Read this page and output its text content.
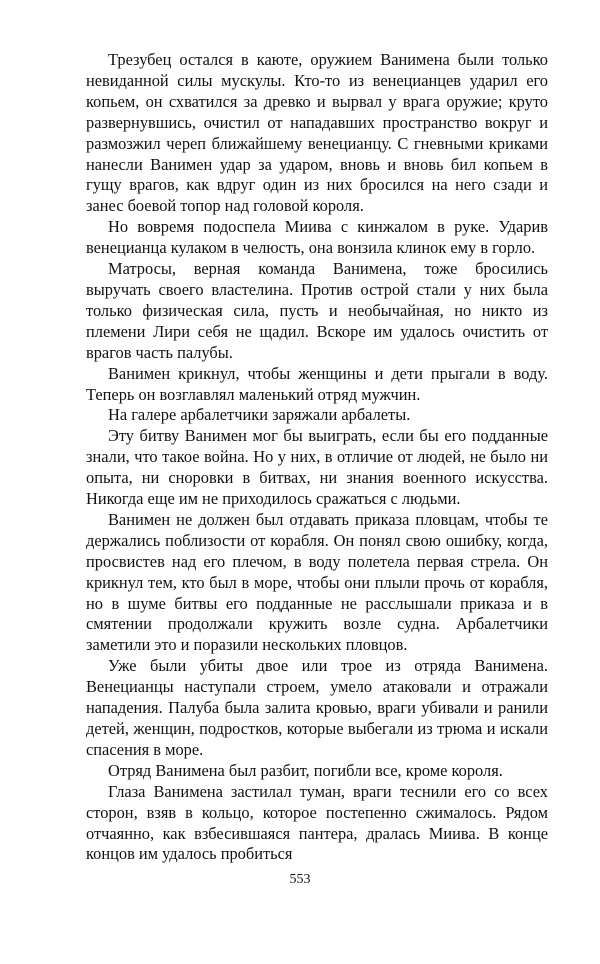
Трезубец остался в каюте, оружием Ванимена были только невиданной силы мускулы. Кто-то из венецианцев ударил его копьем, он схватился за древко и вырвал у врага оружие; круто развернувшись, очистил от нападавших пространство вокруг и размозжил череп ближайшему венецианцу. С гневными криками нанесли Ванимен удар за ударом, вновь и вновь бил копьем в гущу врагов, как вдруг один из них бросился на него сзади и занес боевой топор над головой короля.

Но вовремя подоспела Миива с кинжалом в руке. Ударив венецианца кулаком в челюсть, она вонзила клинок ему в горло.

Матросы, верная команда Ванимена, тоже бросились выручать своего властелина. Против острой стали у них была только физическая сила, пусть и необычайная, но никто из племени Лири себя не щадил. Вскоре им удалось очистить от врагов часть палубы.

Ванимен крикнул, чтобы женщины и дети прыгали в воду. Теперь он возглавлял маленький отряд мужчин.

На галере арбалетчики заряжали арбалеты.

Эту битву Ванимен мог бы выиграть, если бы его подданные знали, что такое война. Но у них, в отличие от людей, не было ни опыта, ни сноровки в битвах, ни знания военного искусства. Никогда еще им не приходилось сражаться с людьми.

Ванимен не должен был отдавать приказа пловцам, чтобы те держались поблизости от корабля. Он понял свою ошибку, когда, просвистев над его плечом, в воду полетела первая стрела. Он крикнул тем, кто был в море, чтобы они плыли прочь от корабля, но в шуме битвы его подданные не расслышали приказа и в смятении продолжали кружить возле судна. Арбалетчики заметили это и поразили нескольких пловцов.

Уже были убиты двое или трое из отряда Ванимена. Венецианцы наступали строем, умело атаковали и отражали нападения. Палуба была залита кровью, враги убивали и ранили детей, женщин, подростков, которые выбегали из трюма и искали спасения в море.

Отряд Ванимена был разбит, погибли все, кроме короля.

Глаза Ванимена застилал туман, враги теснили его со всех сторон, взяв в кольцо, которое постепенно сжималось. Рядом отчаянно, как взбесившаяся пантера, дралась Миива. В конце концов им удалось пробиться

553
